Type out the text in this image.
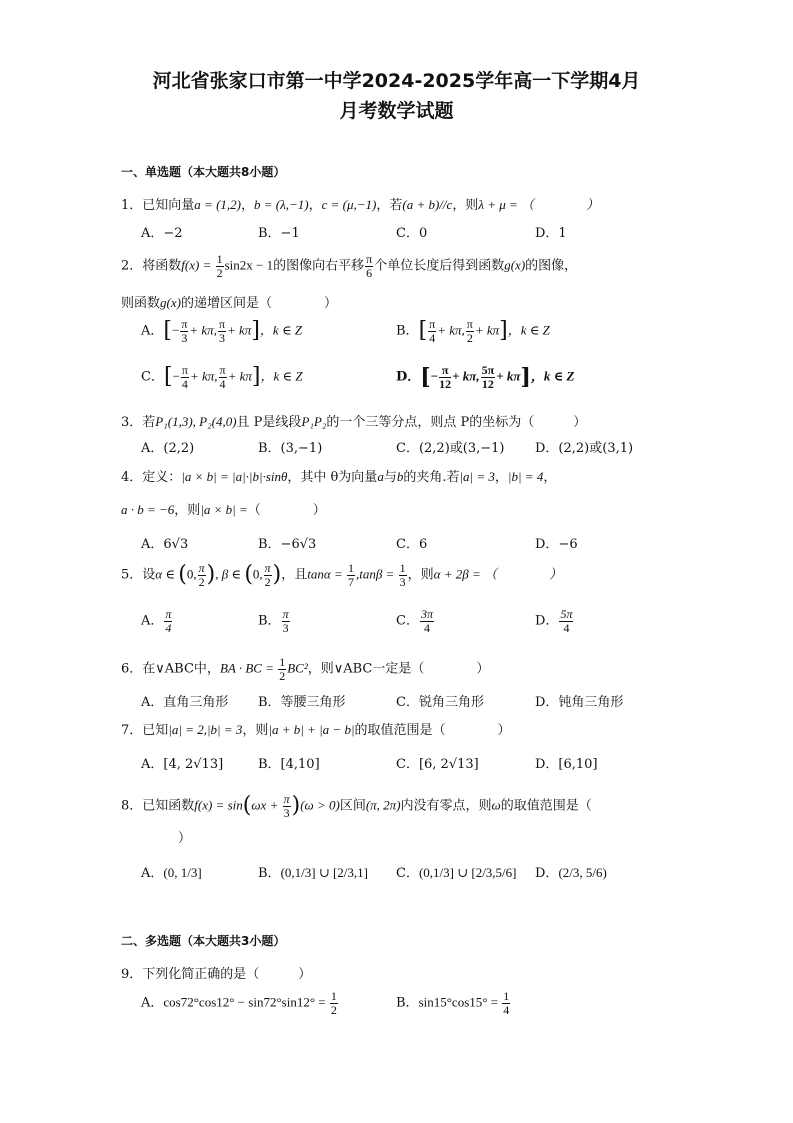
河北省张家口市第一中学2024-2025学年高一下学期4月
月考数学试题
一、单选题（本大题共8小题）
1．已知向量a = (1,2)，b = (λ,−1)，c = (μ,−1)，若(a + b)//c，则λ + μ = （　　　　）
A．−2	B．−1	C．0	D．1
2．将函数$f(x) = \frac{1}{2} \sin 2x - 1$的图像向右平移 $\frac{\pi}{6}$ 个单位长度后得到函数g(x)的图像，
则函数g(x)的递增区间是（　　　　）
A．[− $\frac{\pi}{3} + k\pi$, $\frac{\pi}{3} + k\pi$]，k ∈ Z	B．[ $\frac{\pi}{4} + k\pi$, $\frac{\pi}{2} + k\pi$]，k ∈ Z
C．[− $\frac{\pi}{4} + k\pi$, $\frac{\pi}{4} + k\pi$]，k ∈ Z	D．[− $\frac{\pi}{12} + k\pi$, $\frac{5\pi}{12} + k\pi$]，k ∈ Z
3．若P₁(1,3), P₂(4,0)且 P是线段P₁P₂的一个三等分点，则点 P的坐标为（　　　）
A．(2,2)	B．(3,−1)	C．(2,2)或(3,−1) D．(2,2)或(3,1)
4．定义：|a × b| = |a|·|b|·sinθ，其中 θ为向量a与b的夹角.若|a| = 3，|b| = 4，
a · b = −6，则|a × b| =（　　　　）
A．6√3	B．−6√3	C．6	D．−6
5．设α ∈ (0, $\frac{\pi}{2}$ ), β ∈ (0, $\frac{\pi}{2}$ )，且$\tan\alpha = \frac{1}{7} ,\tan\beta = \frac{1}{3}$ ，则α + 2β = （　　　　）
A． $\frac{\pi}{4}$	B． $\frac{\pi}{3}$	C． $\frac{3\pi}{4}$	D． $\frac{5\pi}{4}$
6．在∨ABC中，BA · BC = $\frac{1}{2} BC^2$，则∨ABC一定是（　　　　）
A．直角三角形 B．等腰三角形	C．锐角三角形	D．钝角三角形
7．已知|a| = 2,|b| = 3，则|a + b| + |a − b|的取值范围是（　　　　）
A．[4, 2√13]	B．[4,10]	C．[6, 2√13]	D．[6,10]
8．已知函数$f(x) = \sin(\omega x + \frac{\pi}{3} )(\omega > 0)$区间(π, 2π)内没有零点，则ω的取值范围是（
）
A．(0, 1/3]	B．(0,1/3] ∪ [2/3,1] C．(0,1/3] ∪ [2/3,5/6] D．(2/3, 5/6)
二、多选题（本大题共3小题）
9．下列化简正确的是（　　　）
A．$\cos 72^\circ\cos 12^\circ - \sin 72^\circ\sin 12^\circ = \frac{1}{2}$	B．$\sin 15^\circ\cos 15^\circ = \frac{1}{4}$
